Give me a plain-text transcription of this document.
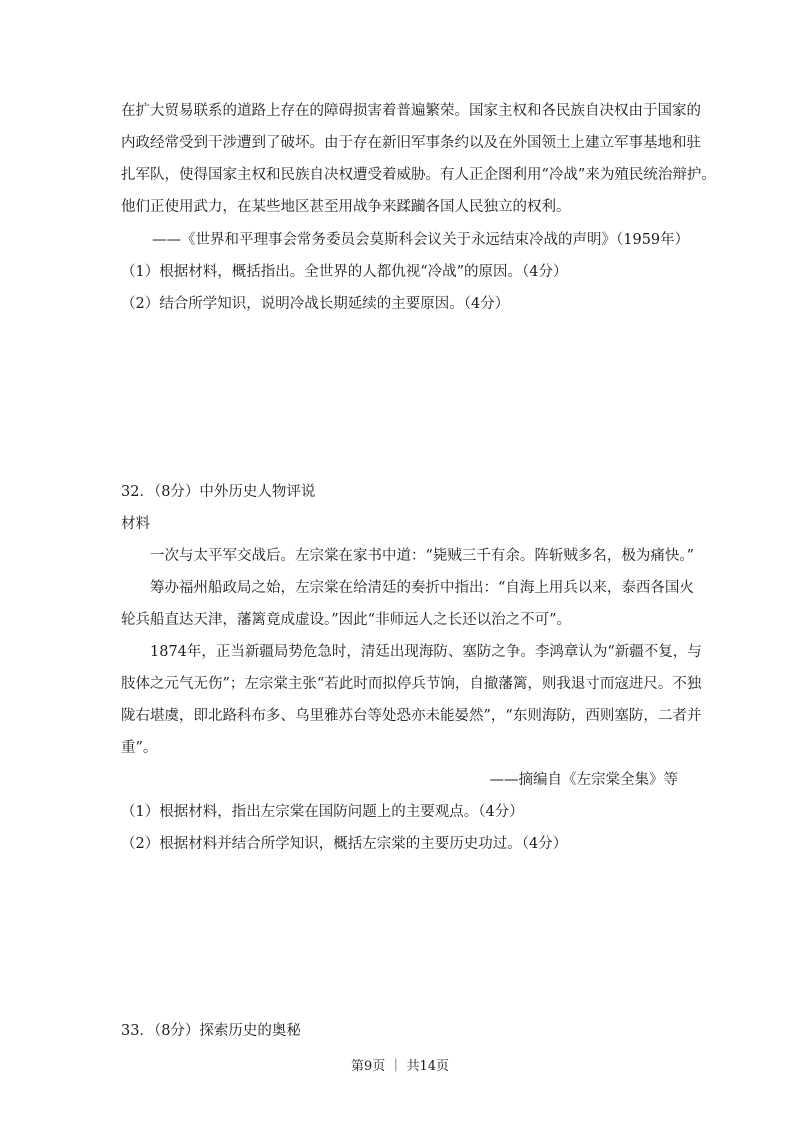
在扩大贸易联系的道路上存在的障碍损害着普遍繁荣。国家主权和各民族自决权由于国家的
内政经常受到干涉遭到了破坏。由于存在新旧军事条约以及在外国领土上建立军事基地和驻
扎军队，使得国家主权和民族自决权遭受着威胁。有人正企图利用“冷战”来为殖民统治辩护。
他们正使用武力，在某些地区甚至用战争来蹂躏各国人民独立的权利。
——《世界和平理事会常务委员会莫斯科会议关于永远结束冷战的声明》（1959年）
（1）根据材料，概括指出。全世界的人都仇视“冷战”的原因。（4分）
（2）结合所学知识，说明冷战长期延续的主要原因。（4分）
32．（8分）中外历史人物评说
材料
一次与太平军交战后。左宗棠在家书中道：“毙贼三千有余。阵斩贼多名，极为痛快。”
筹办福州船政局之始，左宗棠在给清廷的奏折中指出：“自海上用兵以来，泰西各国火
轮兵船直达天津，藩篱竟成虚设。”因此“非师远人之长还以治之不可”。
1874年，正当新疆局势危急时，清廷出现海防、塞防之争。李鸿章认为“新疆不复，与
肢体之元气无伤”；左宗棠主张“若此时而拟停兵节饷，自撤藩篱，则我退寸而寇进尺。不独
陇右堪虞，即北路科布多、乌里雅苏台等处恐亦未能晏然”，“东则海防，西则塞防，二者并
重”。
——摘编自《左宗棠全集》等
（1）根据材料，指出左宗棠在国防问题上的主要观点。（4分）
（2）根据材料并结合所学知识，概括左宗棠的主要历史功过。（4分）
33．（8分）探索历史的奥秘
第9页 ｜ 共14页
